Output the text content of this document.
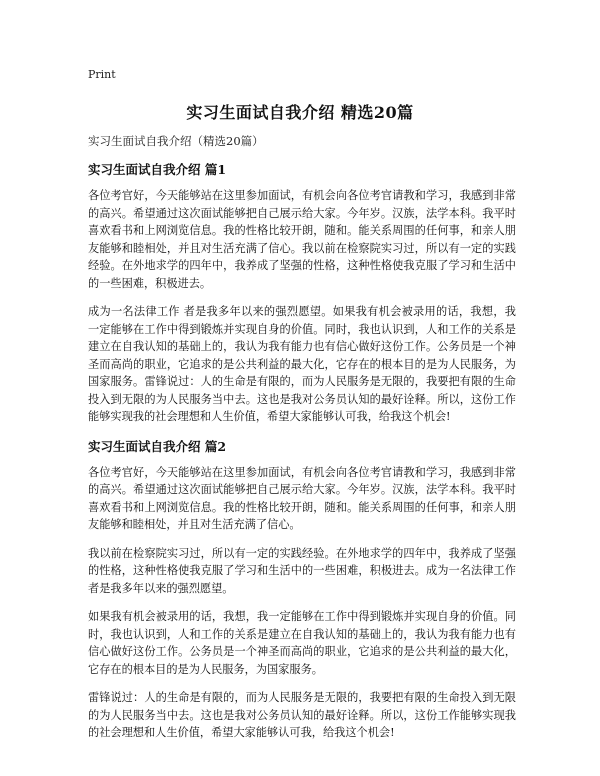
Print
实习生面试自我介绍 精选20篇
实习生面试自我介绍（精选20篇）
实习生面试自我介绍 篇1

各位考官好，今天能够站在这里参加面试，有机会向各位考官请教和学习，我感到非常的高兴。希望通过这次面试能够把自己展示给大家。今年岁。汉族，法学本科。我平时喜欢看书和上网浏览信息。我的性格比较开朗，随和。能关系周围的任何事，和亲人朋友能够和睦相处，并且对生活充满了信心。我以前在检察院实习过，所以有一定的实践经验。在外地求学的四年中，我养成了坚强的性格，这种性格使我克服了学习和生活中的一些困难，积极进去。

成为一名法律工作 者是我多年以来的强烈愿望。如果我有机会被录用的话，我想，我一定能够在工作中得到锻炼并实现自身的价值。同时，我也认识到，人和工作的关系是建立在自我认知的基础上的，我认为我有能力也有信心做好这份工作。公务员是一个神圣而高尚的职业，它追求的是公共利益的最大化，它存在的根本目的是为人民服务，为国家服务。雷锋说过：人的生命是有限的，而为人民服务是无限的，我要把有限的生命投入到无限的为人民服务当中去。这也是我对公务员认知的最好诠释。所以，这份工作能够实现我的社会理想和人生价值，希望大家能够认可我，给我这个机会!

实习生面试自我介绍 篇2

各位考官好，今天能够站在这里参加面试，有机会向各位考官请教和学习，我感到非常的高兴。希望通过这次面试能够把自己展示给大家。今年岁。汉族，法学本科。我平时喜欢看书和上网浏览信息。我的性格比较开朗，随和。能关系周围的任何事，和亲人朋友能够和睦相处，并且对生活充满了信心。

我以前在检察院实习过，所以有一定的实践经验。在外地求学的四年中，我养成了坚强的性格，这种性格使我克服了学习和生活中的一些困难，积极进去。成为一名法律工作者是我多年以来的强烈愿望。

如果我有机会被录用的话，我想，我一定能够在工作中得到锻炼并实现自身的价值。同时，我也认识到，人和工作的关系是建立在自我认知的基础上的，我认为我有能力也有信心做好这份工作。公务员是一个神圣而高尚的职业，它追求的是公共利益的最大化，它存在的根本目的是为人民服务，为国家服务。

雷锋说过：人的生命是有限的，而为人民服务是无限的，我要把有限的生命投入到无限的为人民服务当中去。这也是我对公务员认知的最好诠释。所以，这份工作能够实现我的社会理想和人生价值，希望大家能够认可我，给我这个机会!
